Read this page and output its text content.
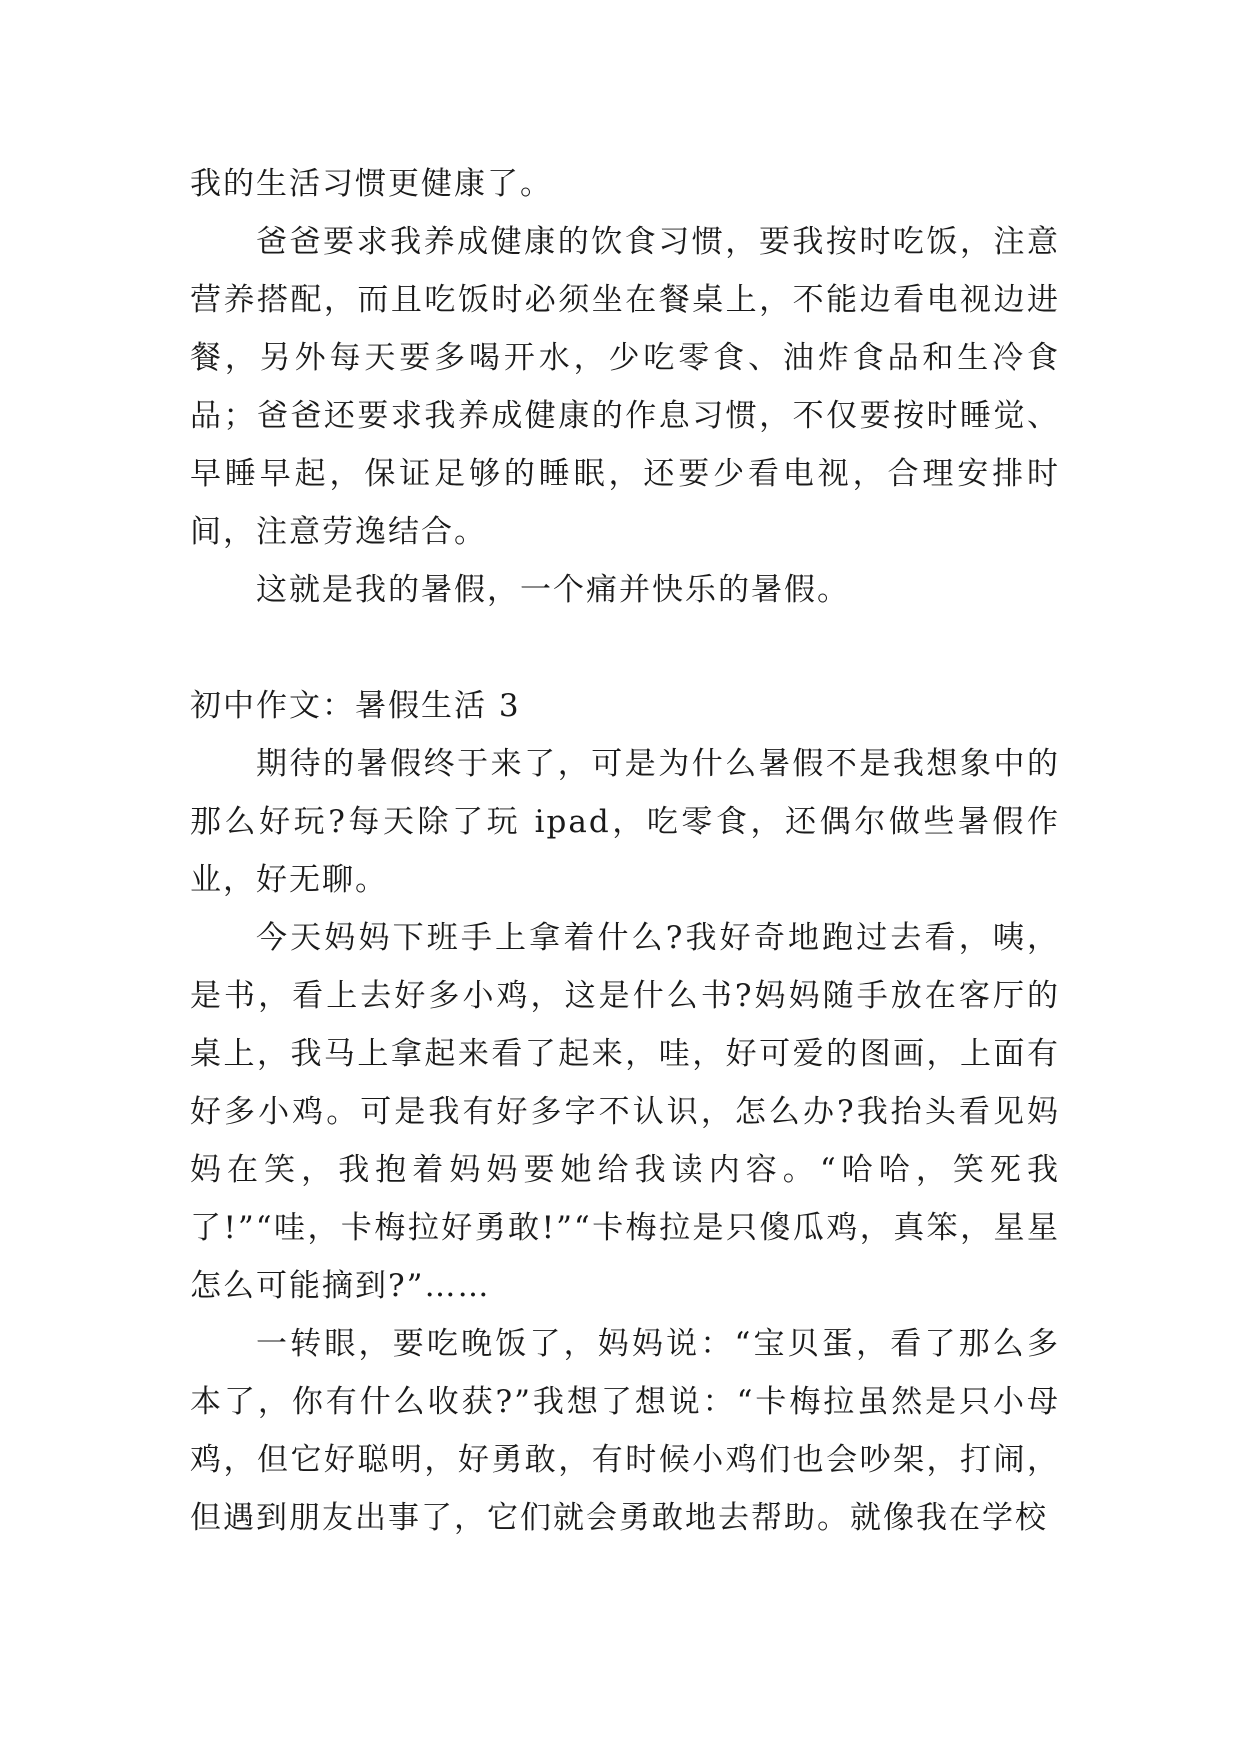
我的生活习惯更健康了。

爸爸要求我养成健康的饮食习惯，要我按时吃饭，注意营养搭配，而且吃饭时必须坐在餐桌上，不能边看电视边进餐，另外每天要多喝开水，少吃零食、油炸食品和生冷食品；爸爸还要求我养成健康的作息习惯，不仅要按时睡觉、早睡早起，保证足够的睡眠，还要少看电视，合理安排时间，注意劳逸结合。

这就是我的暑假，一个痛并快乐的暑假。

初中作文：暑假生活 3

期待的暑假终于来了，可是为什么暑假不是我想象中的那么好玩?每天除了玩 ipad，吃零食，还偶尔做些暑假作业，好无聊。

今天妈妈下班手上拿着什么?我好奇地跑过去看，咦，是书，看上去好多小鸡，这是什么书?妈妈随手放在客厅的桌上，我马上拿起来看了起来，哇，好可爱的图画，上面有好多小鸡。可是我有好多字不认识，怎么办?我抬头看见妈妈在笑，我抱着妈妈要她给我读内容。“哈哈，笑死我了!”“哇，卡梅拉好勇敢!”“卡梅拉是只傻瓜鸡，真笨，星星怎么可能摘到?”……

一转眼，要吃晚饭了，妈妈说：“宝贝蛋，看了那么多本了，你有什么收获?”我想了想说：“卡梅拉虽然是只小母鸡，但它好聪明，好勇敢，有时候小鸡们也会吵架，打闹，但遇到朋友出事了，它们就会勇敢地去帮助。就像我在学校
